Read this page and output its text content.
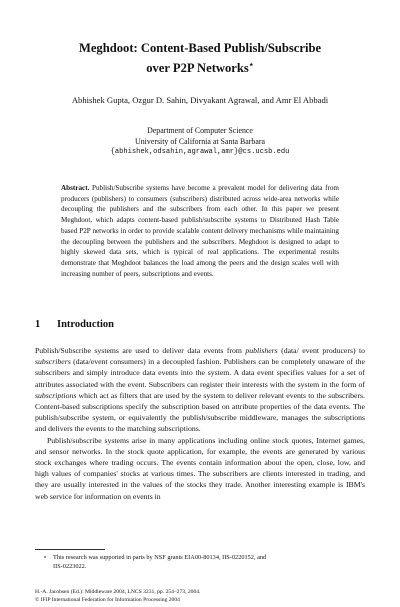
Meghdoot: Content-Based Publish/Subscribe
over P2P Networks⋆
Abhishek Gupta, Ozgur D. Sahin, Divyakant Agrawal, and Amr El Abbadi
Department of Computer Science
University of California at Santa Barbara
{abhishek,odsahin,agrawal,amr}@cs.ucsb.edu
Abstract. Publish/Subscribe systems have become a prevalent model for delivering data from producers (publishers) to consumers (subscribers) distributed across wide-area networks while decoupling the publishers and the subscribers from each other. In this paper we present Meghdoot, which adapts content-based publish/subscribe systems to Distributed Hash Table based P2P networks in order to provide scalable content delivery mechanisms while maintaining the decoupling between the publishers and the subscribers. Meghdoot is designed to adapt to highly skewed data sets, which is typical of real applications. The experimental results demonstrate that Meghdoot balances the load among the peers and the design scales well with increasing number of peers, subscriptions and events.
1 Introduction

Publish/Subscribe systems are used to deliver data events from publishers (data/ event producers) to subscribers (data/event consumers) in a decoupled fashion. Publishers can be completely unaware of the subscribers and simply introduce data events into the system. A data event specifies values for a set of attributes associated with the event. Subscribers can register their interests with the system in the form of subscriptions which act as filters that are used by the system to deliver relevant events to the subscribers. Content-based subscriptions specify the subscription based on attribute properties of the data events. The publish/subscribe system, or equivalently the publish/subscribe middleware, manages the subscriptions and delivers the events to the matching subscriptions.

Publish/subscribe systems arise in many applications including online stock quotes, Internet games, and sensor networks. In the stock quote application, for example, the events are generated by various stock exchanges where trading occurs. The events contain information about the open, close, low, and high values of companies' stocks at various times. The subscribers are clients interested in trading, and they are usually interested in the values of the stocks they trade. Another interesting example is IBM's web service for information on events in

⋆ This research was supported in parts by NSF grants EIA00-80134, IIS-0220152, and
IIS-0223022.
H.-A. Jacobsen (Ed.): Middleware 2004, LNCS 3231, pp. 254–273, 2004.
© IFIP International Federation for Information Processing 2004
